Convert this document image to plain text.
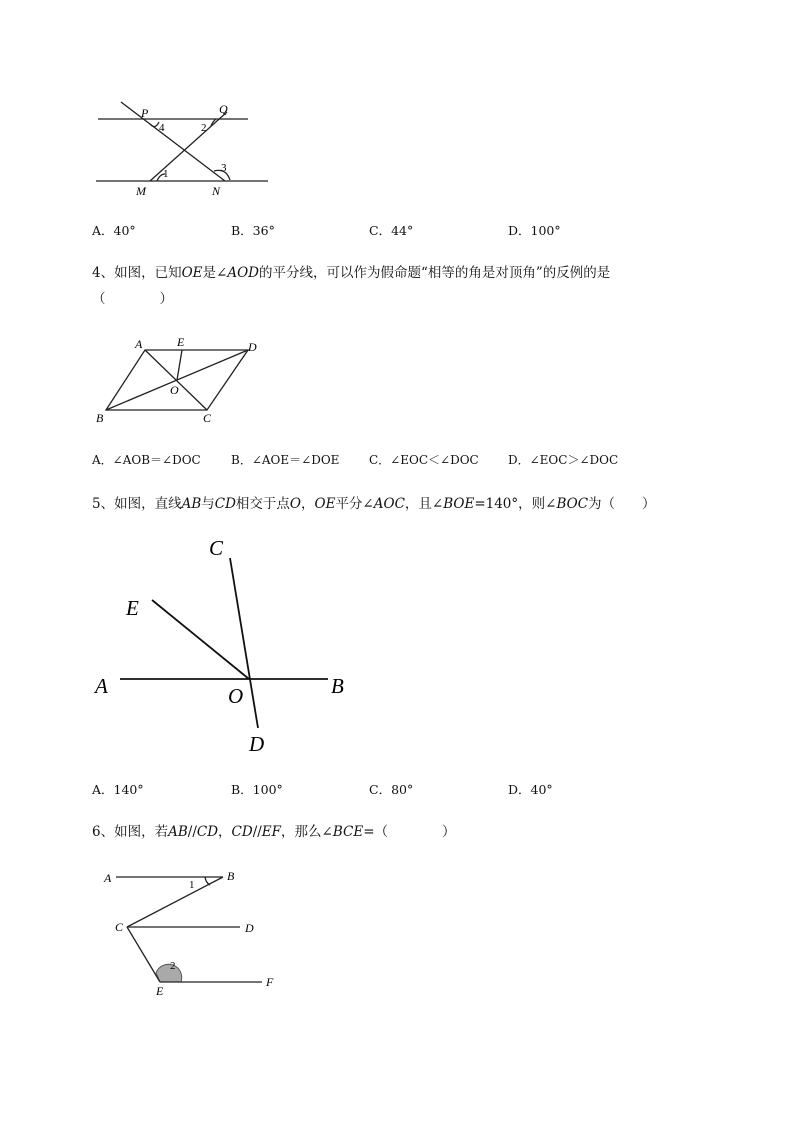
P	Q
M	N
4	2
1	3
A．40°	B．36°	C．44°	D．100°
4、如图，已知OE是∠AOD的平分线，可以作为假命题“相等的角是对顶角”的反例的是
（　　　　）
A	E	D
O
B	C
A．∠AOB＝∠DOC	B．∠AOE＝∠DOE C．∠EOC＜∠DOC D．∠EOC＞∠DOC
5、如图，直线AB与CD相交于点O，OE平分∠AOC，且∠BOE=140°，则∠BOC为（　　）
C
E
A	O	B
D
A．140°	B．100°	C．80°	D．40°
6、如图，若AB//CD，CD//EF，那么∠BCE=（　　　　）
A	B
C	D
E
F
1
2
